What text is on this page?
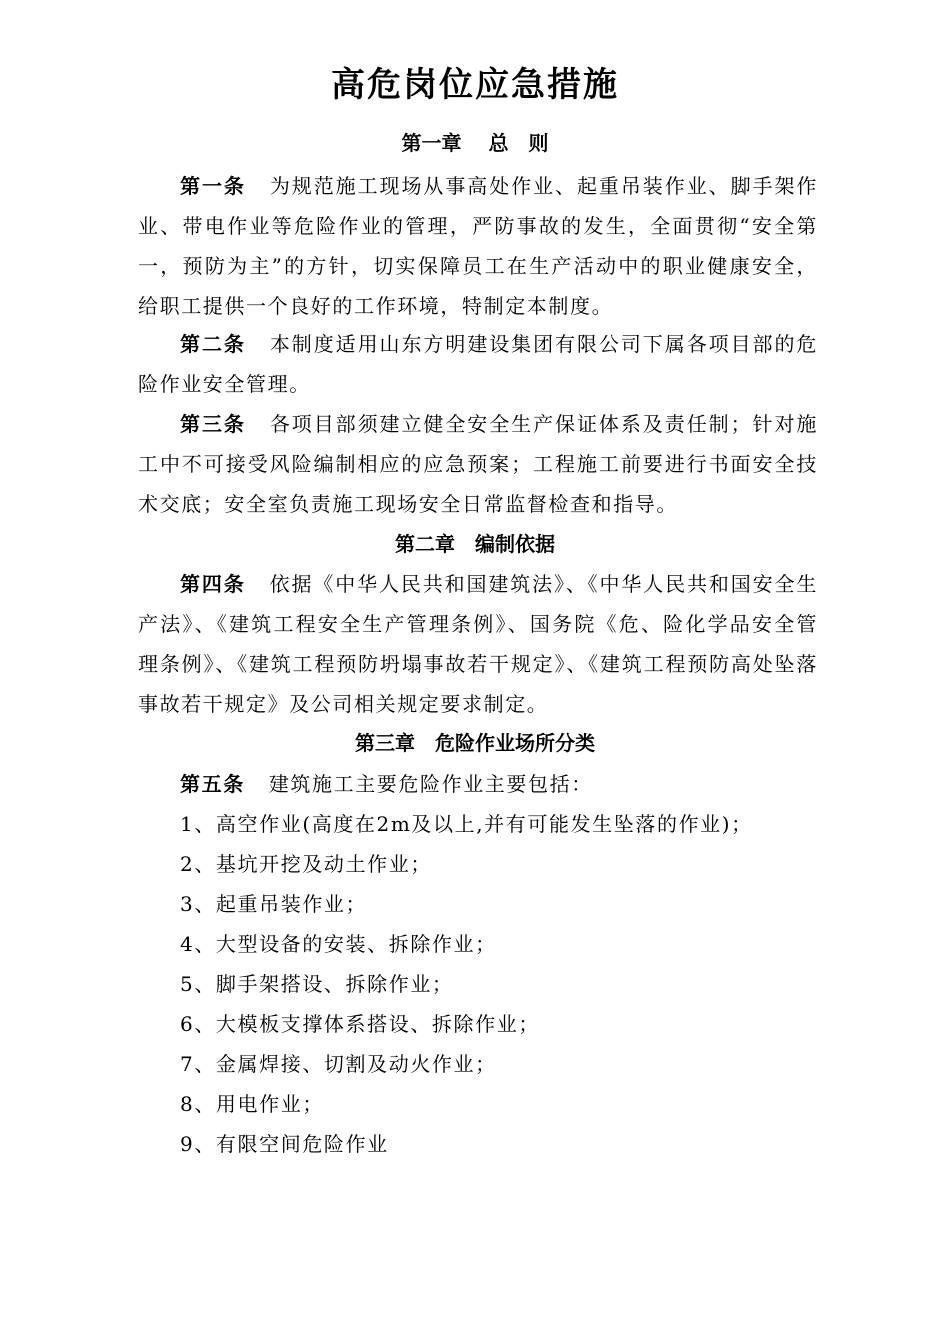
高危岗位应急措施
第一章　 总　则
第一条 为规范施工现场从事高处作业、起重吊装作业、脚手架作业、带电作业等危险作业的管理，严防事故的发生，全面贯彻“安全第一，预防为主”的方针，切实保障员工在生产活动中的职业健康安全，给职工提供一个良好的工作环境，特制定本制度。
第二条 本制度适用山东方明建设集团有限公司下属各项目部的危险作业安全管理。
第三条 各项目部须建立健全安全生产保证体系及责任制；针对施工中不可接受风险编制相应的应急预案；工程施工前要进行书面安全技术交底；安全室负责施工现场安全日常监督检查和指导。
第二章　编制依据
第四条 依据《中华人民共和国建筑法》、《中华人民共和国安全生产法》、《建筑工程安全生产管理条例》、国务院《危、险化学品安全管理条例》、《建筑工程预防坍塌事故若干规定》、《建筑工程预防高处坠落事故若干规定》及公司相关规定要求制定。
第三章　危险作业场所分类
第五条 建筑施工主要危险作业主要包括：
1、高空作业(高度在2m及以上,并有可能发生坠落的作业)；
2、基坑开挖及动土作业；
3、起重吊装作业；
4、大型设备的安装、拆除作业；
5、脚手架搭设、拆除作业；
6、大模板支撑体系搭设、拆除作业；
7、金属焊接、切割及动火作业；
8、用电作业；
9、有限空间危险作业
